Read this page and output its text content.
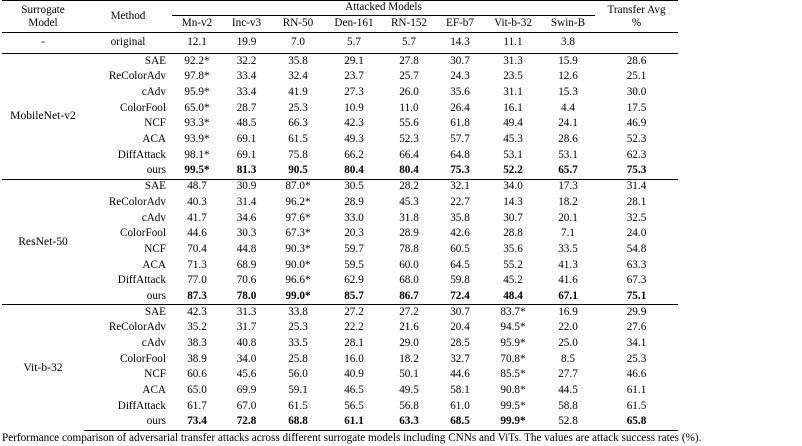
Surrogate Model	Method	Attacked Models								Transfer Avg %
		Mn-v2	Inc-v3	RN-50	Den-161	RN-152	EF-b7	Vit-b-32	Swin-B	
-	original	12.1	19.9	7.0	5.7	5.7	14.3	11.1	3.8	
MobileNet-v2	SAE	92.2*	32.2	35.8	29.1	27.8	30.7	31.3	15.9	28.6
	ReColorAdv	97.8*	33.4	32.4	23.7	25.7	24.3	23.5	12.6	25.1
	cAdv	95.9*	33.4	41.9	27.3	26.0	35.6	31.1	15.3	30.0
	ColorFool	65.0*	28.7	25.3	10.9	11.0	26.4	16.1	4.4	17.5
	NCF	93.3*	48.5	66.3	42.3	55.6	61.8	49.4	24.1	46.9
	ACA	93.9*	69.1	61.5	49.3	52.3	57.7	45.3	28.6	52.3
	DiffAttack	98.1*	69.1	75.8	66.2	66.4	64.8	53.1	53.1	62.3
	ours	99.5*	81.3	90.5	80.4	80.4	75.3	52.2	65.7	75.3
ResNet-50	SAE	48.7	30.9	87.0*	30.5	28.2	32.1	34.0	17.3	31.4
	ReColorAdv	40.3	31.4	96.2*	28.9	45.3	22.7	14.3	18.2	28.1
	cAdv	41.7	34.6	97.6*	33.0	31.8	35.8	30.7	20.1	32.5
	ColorFool	44.6	30.3	67.3*	20.3	28.9	42.6	28.8	7.1	24.0
	NCF	70.4	44.8	90.3*	59.7	78.8	60.5	35.6	33.5	54.8
	ACA	71.3	68.9	90.0*	59.5	60.0	64.5	55.2	41.3	63.3
	DiffAttack	77.0	70.6	96.6*	62.9	68.0	59.8	45.2	41.6	67.3
	ours	87.3	78.0	99.0*	85.7	86.7	72.4	48.4	67.1	75.1
Vit-b-32	SAE	42.3	31.3	33.8	27.2	27.2	30.7	83.7*	16.9	29.9
	ReColorAdv	35.2	31.7	25.3	22.2	21.6	20.4	94.5*	22.0	27.6
	cAdv	38.3	40.8	33.5	28.1	29.0	28.5	95.9*	25.0	34.1
	ColorFool	38.9	34.0	25.8	16.0	18.2	32.7	70.8*	8.5	25.3
	NCF	60.6	45.6	56.0	40.9	50.1	44.6	85.5*	27.7	46.6
	ACA	65.0	69.9	59.1	46.5	49.5	58.1	90.8*	44.5	61.1
	DiffAttack	61.7	67.0	61.5	56.5	56.8	61.0	99.5*	58.8	61.5
	ours	73.4	72.8	68.8	61.1	63.3	68.5	99.9*	52.8	65.8
Performance comparison of adversarial transfer attacks across different surrogate models including CNNs and ViTs. The values are attack success rates (%).
